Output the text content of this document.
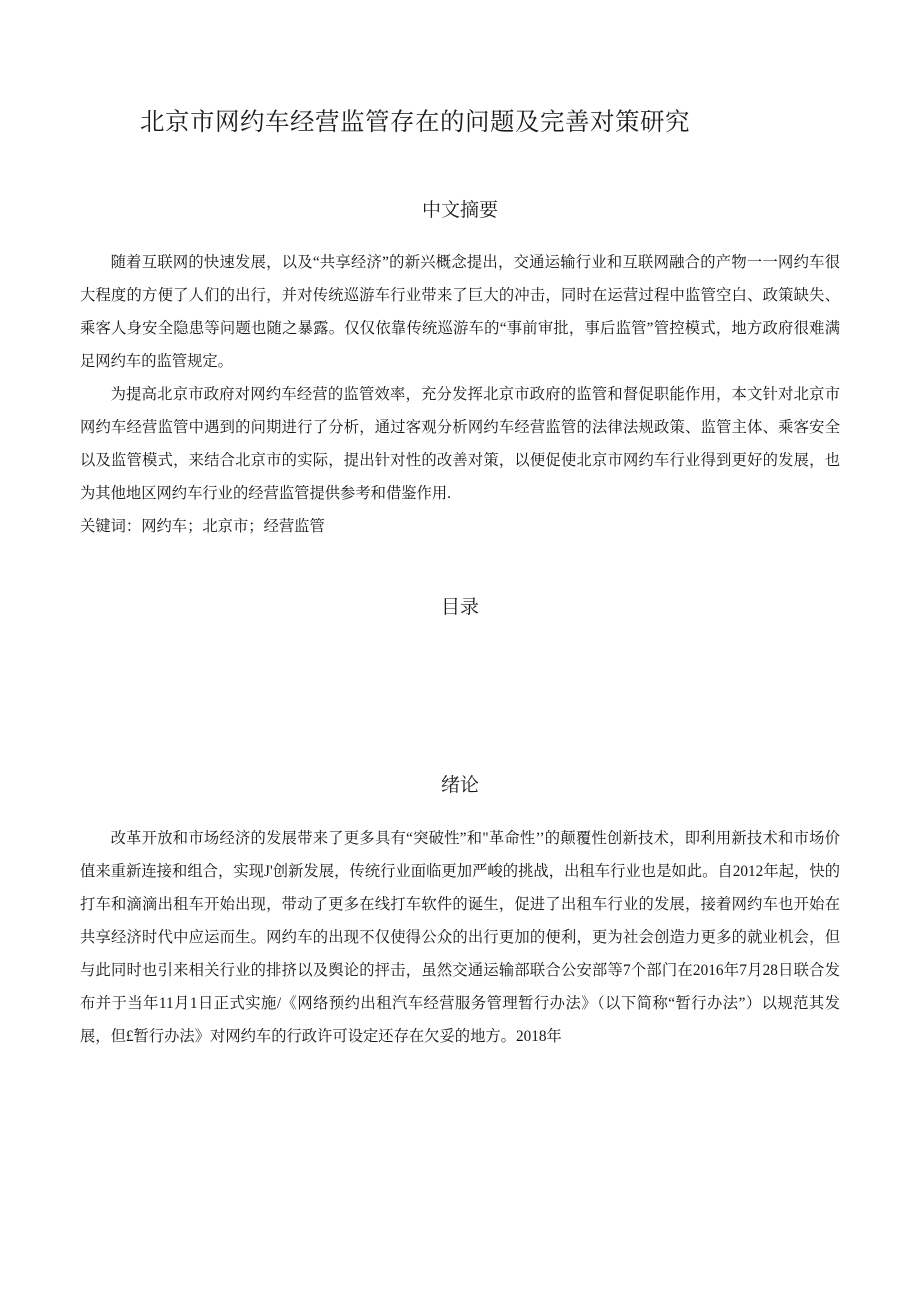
北京市网约车经营监管存在的问题及完善对策研究
中文摘要

随着互联网的快速发展，以及“共享经济”的新兴概念提出，交通运输行业和互联网融合的产物一一网约车很大程度的方便了人们的出行，并对传统巡游车行业带来了巨大的冲击，同时在运营过程中监管空白、政策缺失、乘客人身安全隐患等问题也随之暴露。仅仅依靠传统巡游车的“事前审批，事后监管”管控模式，地方政府很难满足网约车的监管规定。

为提高北京市政府对网约车经营的监管效率，充分发挥北京市政府的监管和督促职能作用，本文针对北京市网约车经营监管中遇到的问期进行了分析，通过客观分析网约车经营监管的法律法规政策、监管主体、乘客安全以及监管模式，来结合北京市的实际，提出针对性的改善对策，以便促使北京市网约车行业得到更好的发展，也为其他地区网约车行业的经营监管提供参考和借鉴作用.

关键词：网约车；北京市；经营监管

目录
绪论

改革开放和市场经济的发展带来了更多具有“突破性”和"革命性’’的颠覆性创新技术，即利用新技术和市场价值来重新连接和组合，实现J'创新发展，传统行业面临更加严峻的挑战，出租车行业也是如此。自2012年起，快的打车和滴滴出租车开始出现，带动了更多在线打车软件的诞生，促进了出租车行业的发展，接着网约车也开始在共享经济时代中应运而生。网约车的出现不仅使得公众的出行更加的便利，更为社会创造力更多的就业机会，但与此同时也引来相关行业的排挤以及舆论的抨击，虽然交通运输部联合公安部等7个部门在2016年7月28日联合发布并于当年11月1日正式实施/《网络预约出租汽车经营服务管理暂行办法》（以下简称“暂行办法”）以规范其发展，但£暂行办法》对网约车的行政许可设定还存在欠妥的地方。2018年
